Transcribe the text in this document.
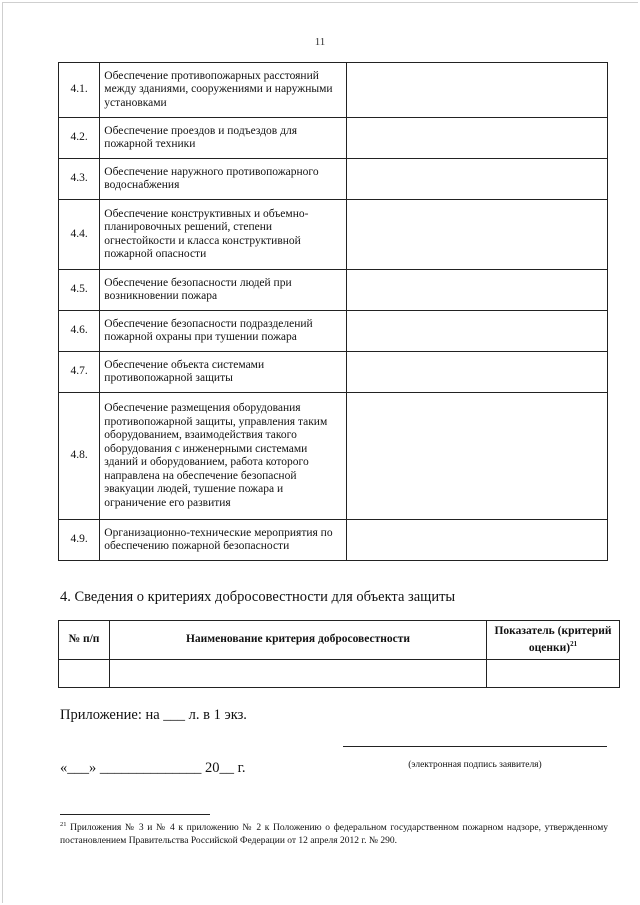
11
4.1.	Обеспечение противопожарных расстояний между зданиями, сооружениями и наружными установками	
4.2.	Обеспечение проездов и подъездов для пожарной техники	
4.3.	Обеспечение наружного противопожарного водоснабжения	
4.4.	Обеспечение конструктивных и объемно-планировочных решений, степени огнестойкости и класса конструктивной пожарной опасности	
4.5.	Обеспечение безопасности людей при возникновении пожара	
4.6.	Обеспечение безопасности подразделений пожарной охраны при тушении пожара	
4.7.	Обеспечение объекта системами противопожарной защиты	
4.8.	Обеспечение размещения оборудования противопожарной защиты, управления таким оборудованием, взаимодействия такого оборудования с инженерными системами зданий и оборудованием, работа которого направлена на обеспечение безопасной эвакуации людей, тушение пожара и ограничение его развития	
4.9.	Организационно-технические мероприятия по обеспечению пожарной безопасности	
4. Сведения о критериях добросовестности для объекта защиты
№ п/п	Наименование критерия добросовестности	Показатель (критерий оценки)$^{21}$

Приложение: на ___ л. в 1 экз.
«___» ______________ 20__ г.	(электронная подпись заявителя)
$^{21}$ Приложения № 3 и № 4 к приложению № 2 к Положению о федеральном государственном пожарном надзоре, утвержденному постановлением Правительства Российской Федерации от 12 апреля 2012 г. № 290.
